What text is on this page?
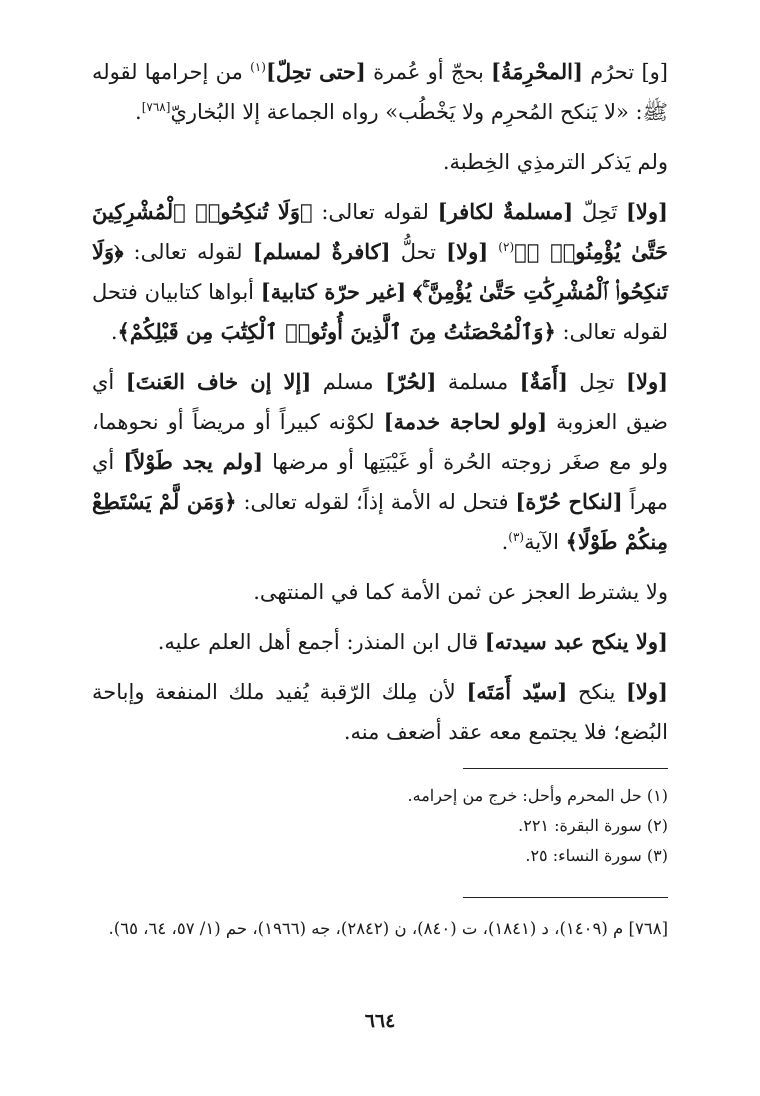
[و] تحرُم [المحْرِمَةُ] بحجّ أو عُمرة [حتى تحِلّ]$^{(١)}$ من إحرامها لقوله ﷺ: «لا يَنكح المُحرِم ولا يَخْطُب» رواه الجماعة إلا البُخاريّ[٧٦٨].

ولم يَذكر الترمذِي الخِطبة.

[ولا] تَحِلّ [مسلمةٌ لكافر] لقوله تعالى: ﴿وَلَا تُنكِحُوا۟ ٱلْمُشْرِكِينَ حَتَّىٰ يُؤْمِنُوا۟ ۚ﴾$^{(٢)}$ [ولا] تحلُّ [كافرةٌ لمسلم] لقوله تعالى: ﴿وَلَا تَنكِحُوا۟ ٱلْمُشْرِكَٰتِ حَتَّىٰ يُؤْمِنَّ ۚ﴾ [غير حرّة كتابية] أبواها كتابيان فتحل لقوله تعالى: ﴿وَٱلْمُحْصَنَٰتُ مِنَ ٱلَّذِينَ أُوتُوا۟ ٱلْكِتَٰبَ مِن قَبْلِكُمْ﴾.

[ولا] تحِل [أَمَةٌ] مسلمة [لحُرّ] مسلم [إلا إن خاف العَنتَ] أي ضيق العزوبة [ولو لحاجة خدمة] لكوْنه كبيراً أو مريضاً أو نحوهما، ولو مع صغَر زوجته الحُرة أو غَيْبَتِها أو مرضها [ولم يجد طَوْلاً] أي مهراً [لنكاح حُرّة] فتحل له الأمة إذاً؛ لقوله تعالى: ﴿وَمَن لَّمْ يَسْتَطِعْ مِنكُمْ طَوْلًا﴾ الآية$^{(٣)}$.

ولا يشترط العجز عن ثمن الأمة كما في المنتهى.

[ولا ينكح عبد سيدته] قال ابن المنذر: أجمع أهل العلم عليه.

[ولا] ينكح [سيّد أَمَتَه] لأن مِلك الرّقبة يُفيد ملك المنفعة وإباحة البُضع؛ فلا يجتمع معه عقد أضعف منه.

(١) حل المحرم وأحل: خرج من إحرامه.

(٢) سورة البقرة: ٢٢١.

(٣) سورة النساء: ٢٥.

[٧٦٨] م (١٤٠٩)، د (١٨٤١)، ت (٨٤٠)، ن (٢٨٤٢)، جه (١٩٦٦)، حم (١/ ٥٧، ٦٤، ٦٥).

٦٦٤
